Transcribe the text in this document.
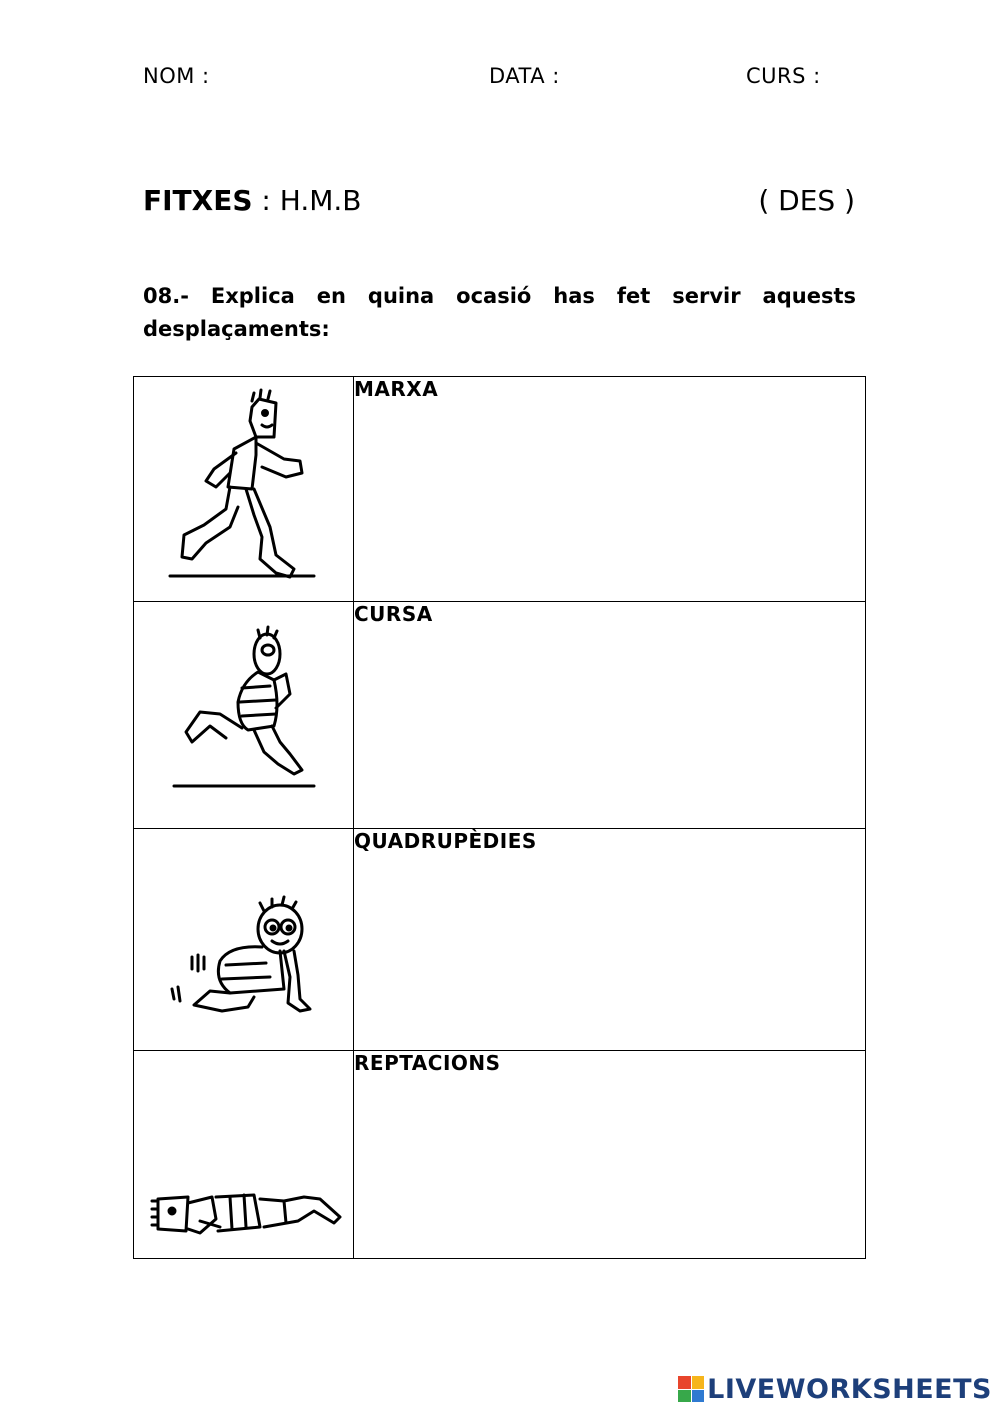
NOM :	DATA :	CURS :
FITXES : H.M.B	( DES )
08.- Explica en quina ocasió has fet servir aquests desplaçaments:
	MARXA

	CURSA

	QUADRUPÈDIES

	REPTACIONS
LIVEWORKSHEETS
